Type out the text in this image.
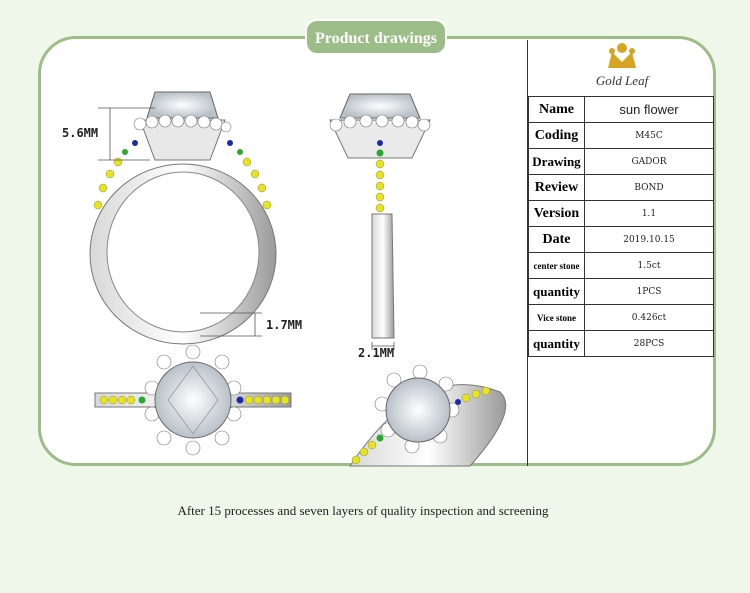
Product drawings
5.6MM
1.7MM
2.1MM
Gold Leaf
Name	sun flower
Coding	M45C
Drawing	GADOR
Review	BOND
Version	1.1
Date	2019.10.15
center stone	1.5ct
quantity	1PCS
Vice stone	0.426ct
quantity	28PCS
After 15 processes and seven layers of quality inspection and screening
